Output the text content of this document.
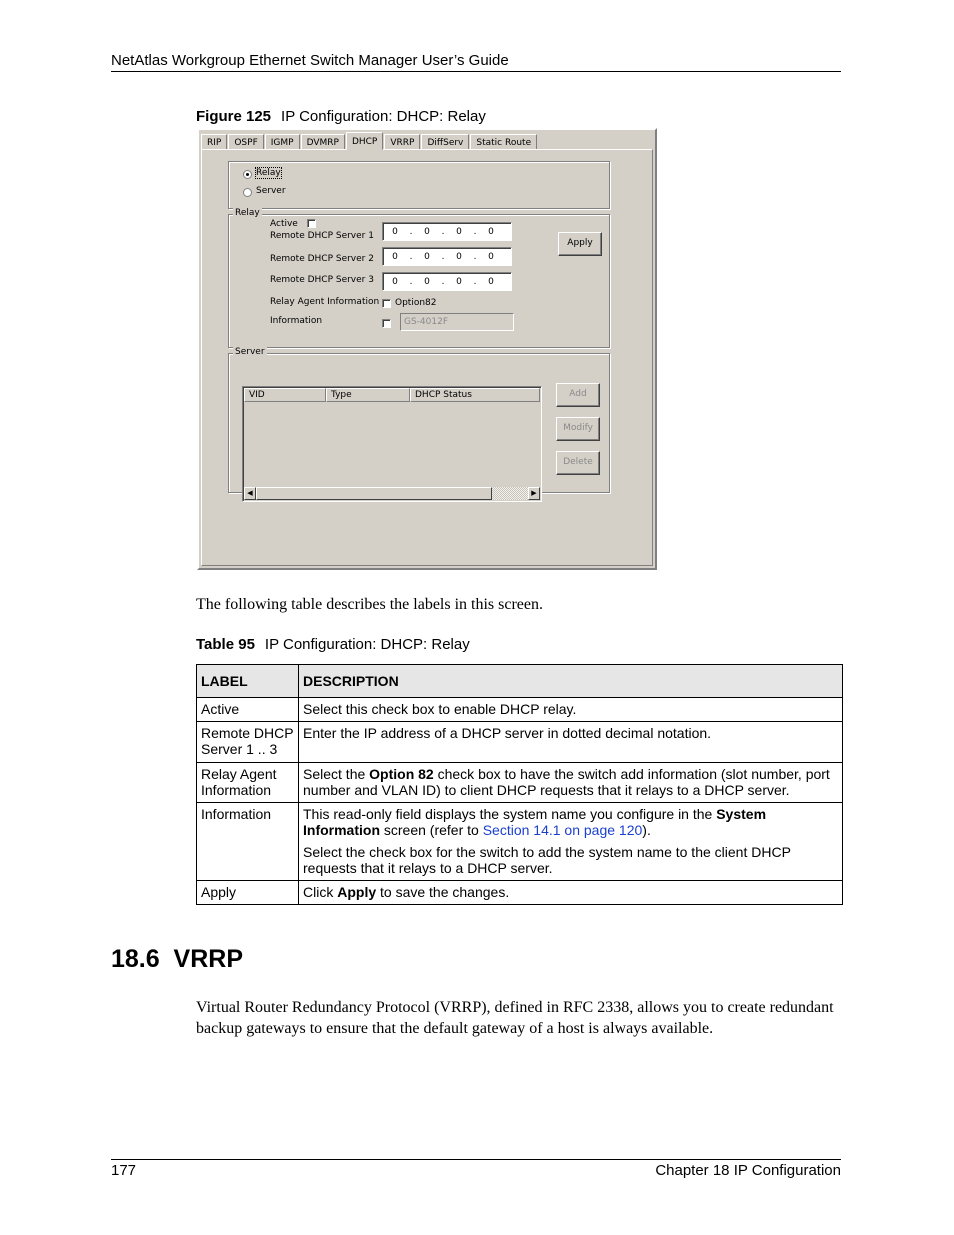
NetAtlas Workgroup Ethernet Switch Manager User’s Guide
Figure 125 IP Configuration: DHCP: Relay
RIP	OSPF	IGMP	DVMRP	DHCP	VRRP	DiffServ	Static Route
Relay
Server
Relay
Active
Remote DHCP Server 1	0	.	0	.	0	.	0
Remote DHCP Server 2	0	.	0	.	0	.	0
Remote DHCP Server 3	0	.	0	.	0	.	0
Relay Agent Information Option82
Information	GS-4012F
Apply
Server
VID	Type	DHCP Status
◀	▶
Add
Modify
Delete
The following table describes the labels in this screen.
Table 95 IP Configuration: DHCP: Relay
LABEL	DESCRIPTION
Active	Select this check box to enable DHCP relay.
Remote DHCP Server 1 .. 3	Enter the IP address of a DHCP server in dotted decimal notation.
Relay Agent Information	Select the Option 82 check box to have the switch add information (slot number, port number and VLAN ID) to client DHCP requests that it relays to a DHCP server.
Information	This read-only field displays the system name you configure in the System Information screen (refer to Section 14.1 on page 120).
Select the check box for the switch to add the system name to the client DHCP requests that it relays to a DHCP server.

Apply	Click Apply to save the changes.
18.6  VRRP
Virtual Router Redundancy Protocol (VRRP), defined in RFC 2338, allows you to create redundant backup gateways to ensure that the default gateway of a host is always available.
177	Chapter 18 IP Configuration
